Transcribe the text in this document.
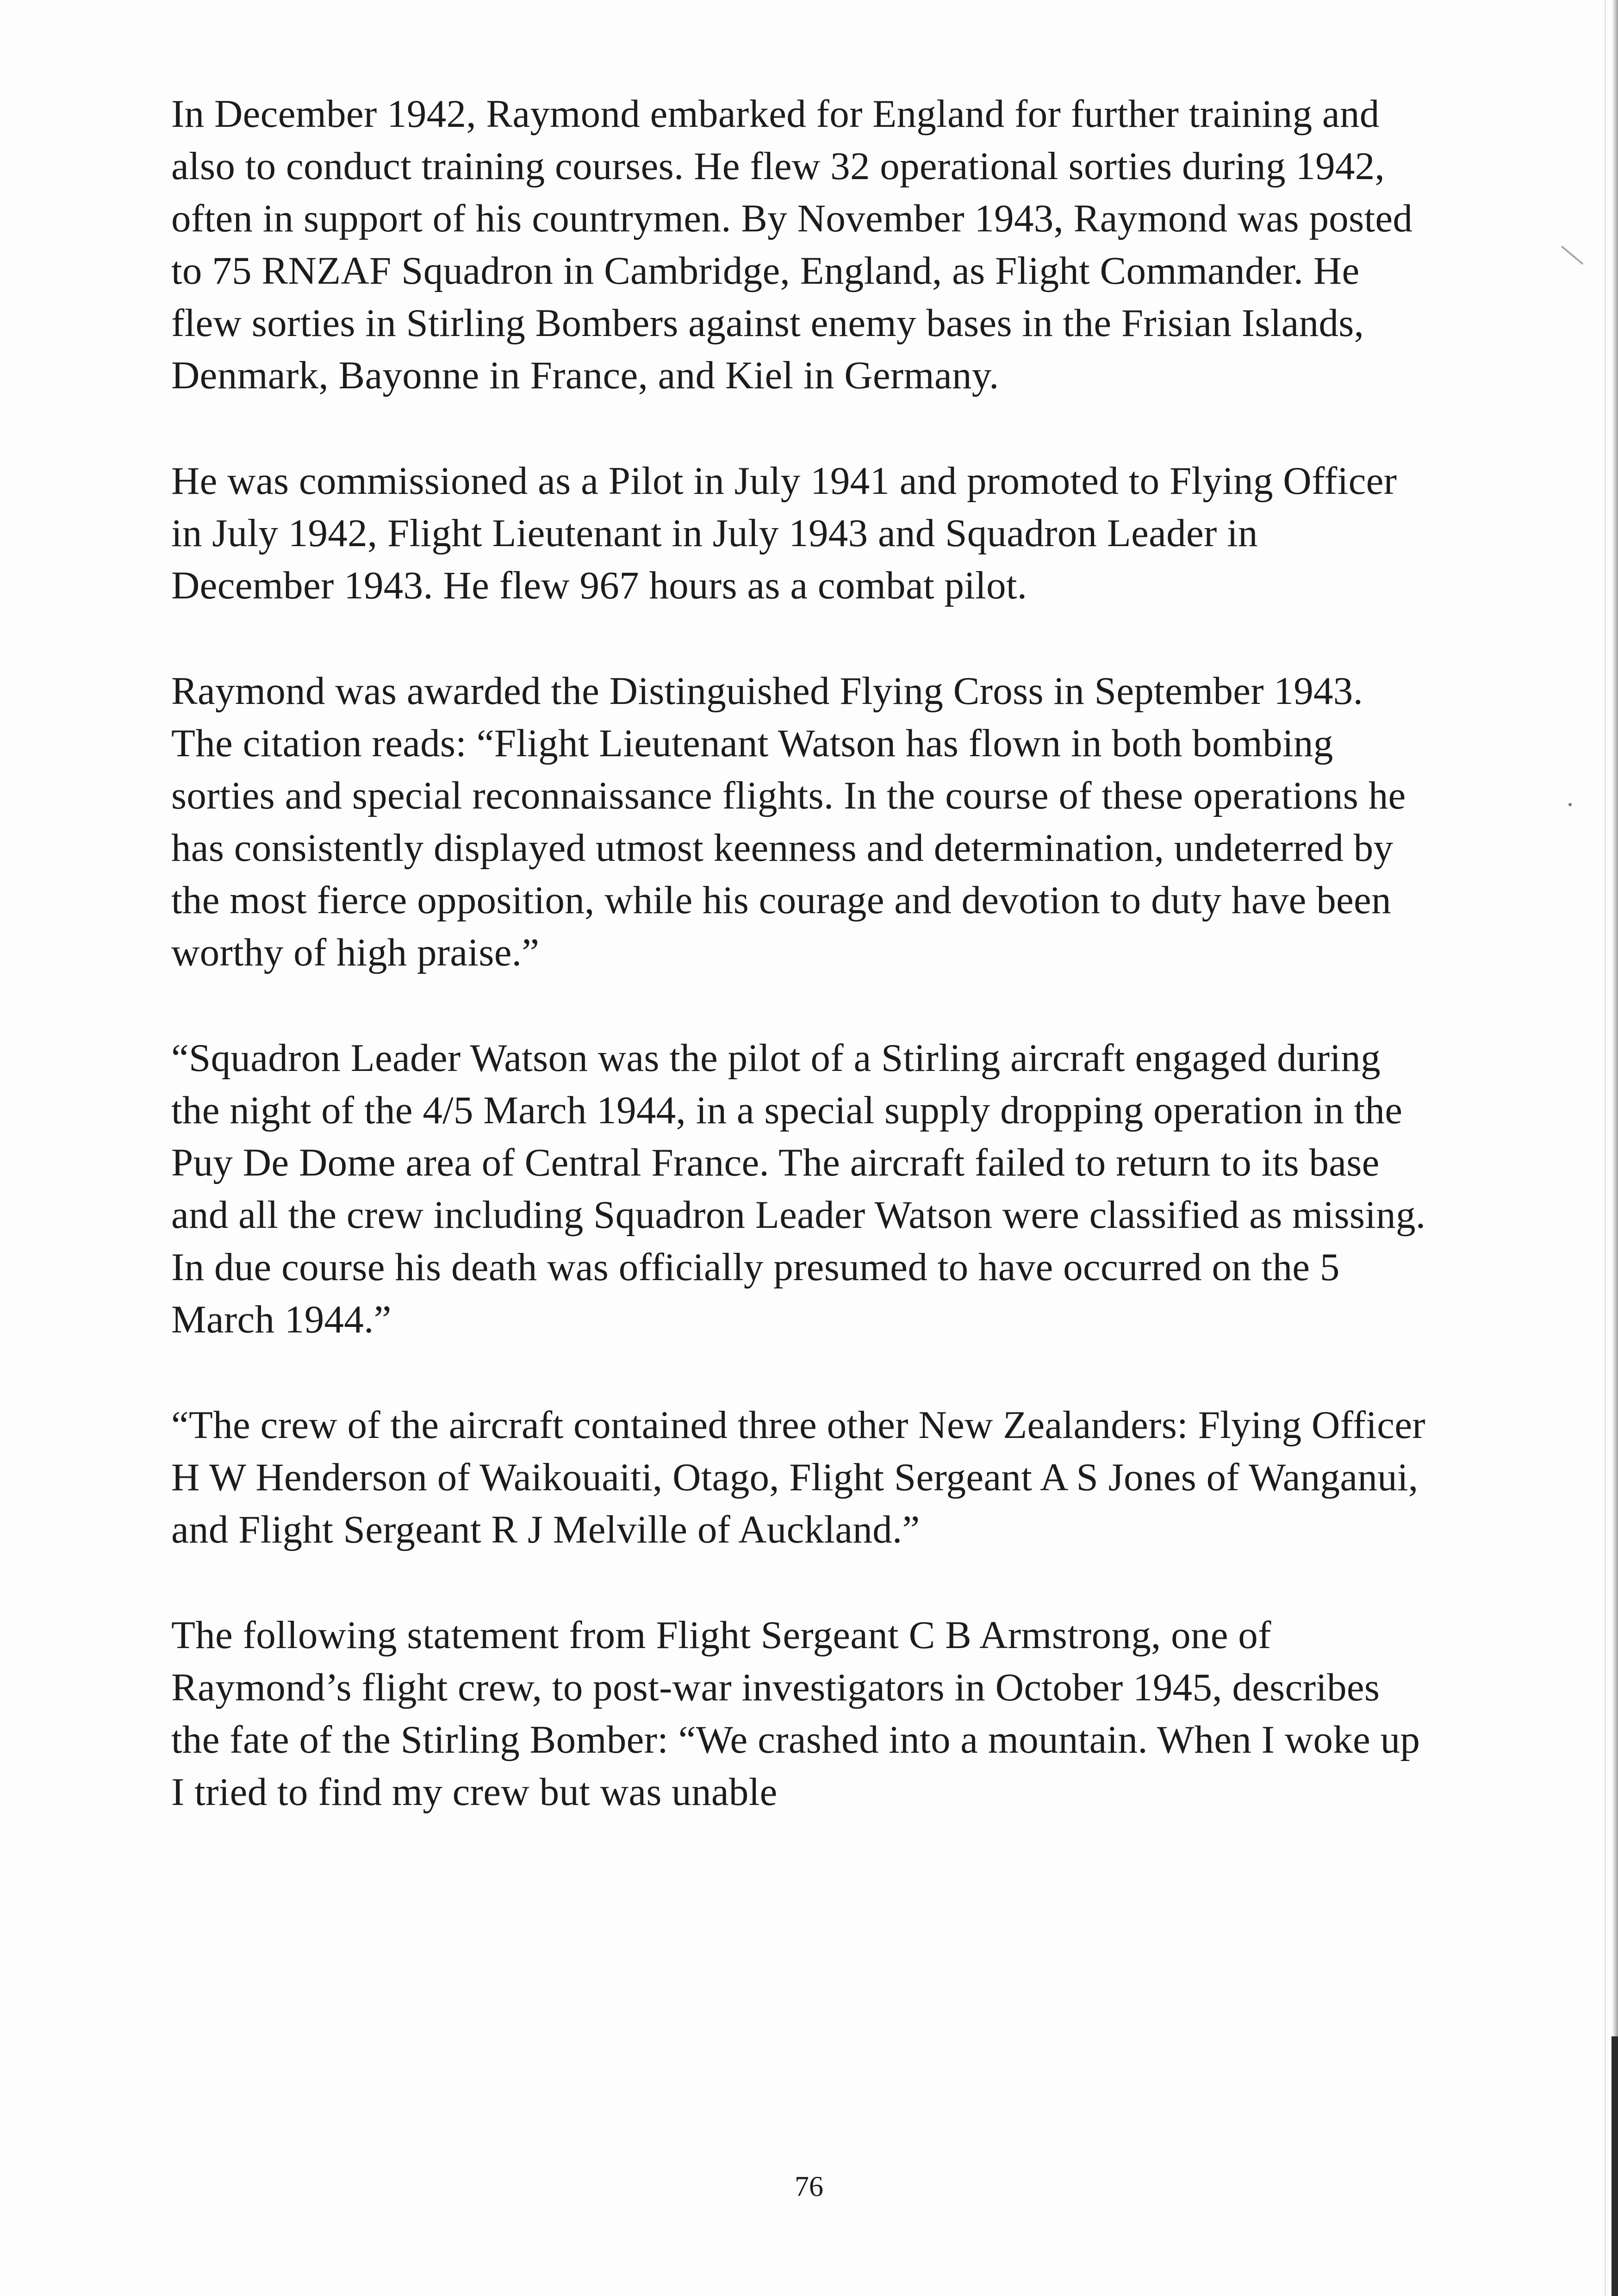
In December 1942, Raymond embarked for England for further training and also to conduct training courses. He flew 32 operational sorties during 1942, often in support of his countrymen. By November 1943, Raymond was posted to 75 RNZAF Squadron in Cambridge, England, as Flight Commander. He flew sorties in Stirling Bombers against enemy bases in the Frisian Islands, Denmark, Bayonne in France, and Kiel in Germany.

He was commissioned as a Pilot in July 1941 and promoted to Flying Officer in July 1942, Flight Lieutenant in July 1943 and Squadron Leader in December 1943. He flew 967 hours as a combat pilot.

Raymond was awarded the Distinguished Flying Cross in September 1943. The citation reads: “Flight Lieutenant Watson has flown in both bombing sorties and special reconnaissance flights. In the course of these operations he has consistently displayed utmost keenness and determination, undeterred by the most fierce opposition, while his courage and devotion to duty have been worthy of high praise.”

“Squadron Leader Watson was the pilot of a Stirling aircraft engaged during the night of the 4/5 March 1944, in a special supply dropping operation in the Puy De Dome area of Central France. The aircraft failed to return to its base and all the crew including Squadron Leader Watson were classified as missing. In due course his death was officially presumed to have occurred on the 5 March 1944.”

“The crew of the aircraft contained three other New Zealanders: Flying Officer H W Henderson of Waikouaiti, Otago, Flight Sergeant A S Jones of Wanganui, and Flight Sergeant R J Melville of Auckland.”

The following statement from Flight Sergeant C B Armstrong, one of Raymond’s flight crew, to post-war investigators in October 1945, describes the fate of the Stirling Bomber: “We crashed into a mountain. When I woke up I tried to find my crew but was unable

76
